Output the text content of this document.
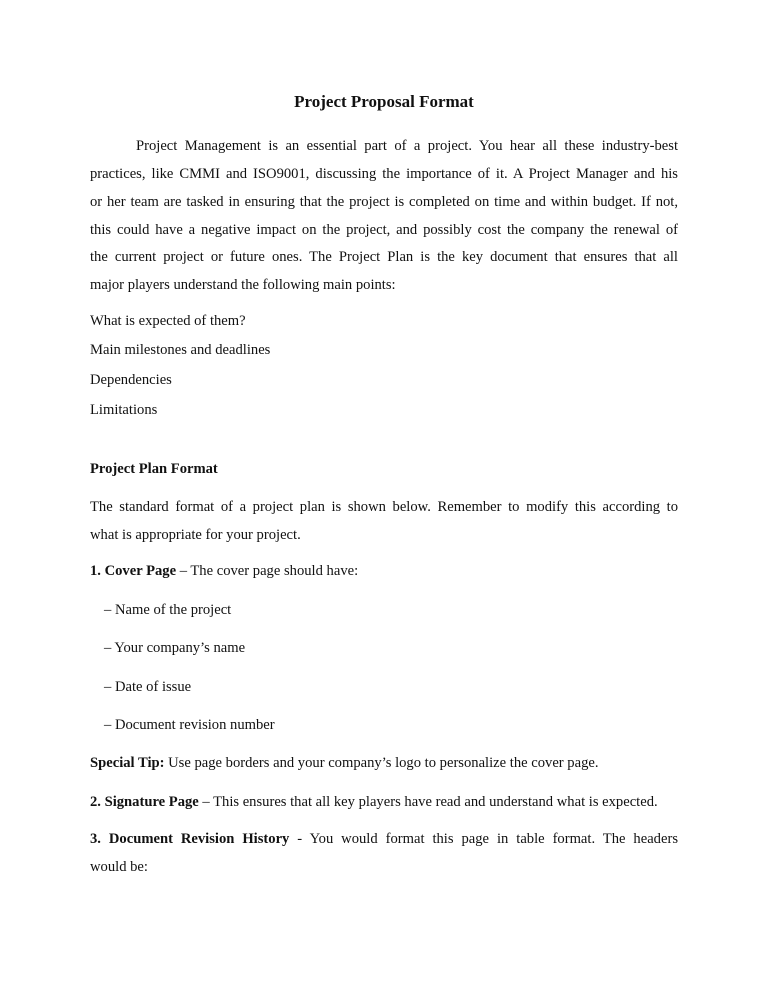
Project Proposal Format
Project Management is an essential part of a project. You hear all these industry-best
practices, like CMMI and ISO9001, discussing the importance of it. A Project Manager and his
or her team are tasked in ensuring that the project is completed on time and within budget. If not,
this could have a negative impact on the project, and possibly cost the company the renewal of
the current project or future ones. The Project Plan is the key document that ensures that all
major players understand the following main points:
What is expected of them?
Main milestones and deadlines
Dependencies
Limitations
Project Plan Format
The standard format of a project plan is shown below. Remember to modify this according to
what is appropriate for your project.
1. Cover Page – The cover page should have:
– Name of the project
– Your company’s name
– Date of issue
– Document revision number
Special Tip: Use page borders and your company’s logo to personalize the cover page.
2. Signature Page – This ensures that all key players have read and understand what is expected.
3. Document Revision History - You would format this page in table format. The headers
would be:
